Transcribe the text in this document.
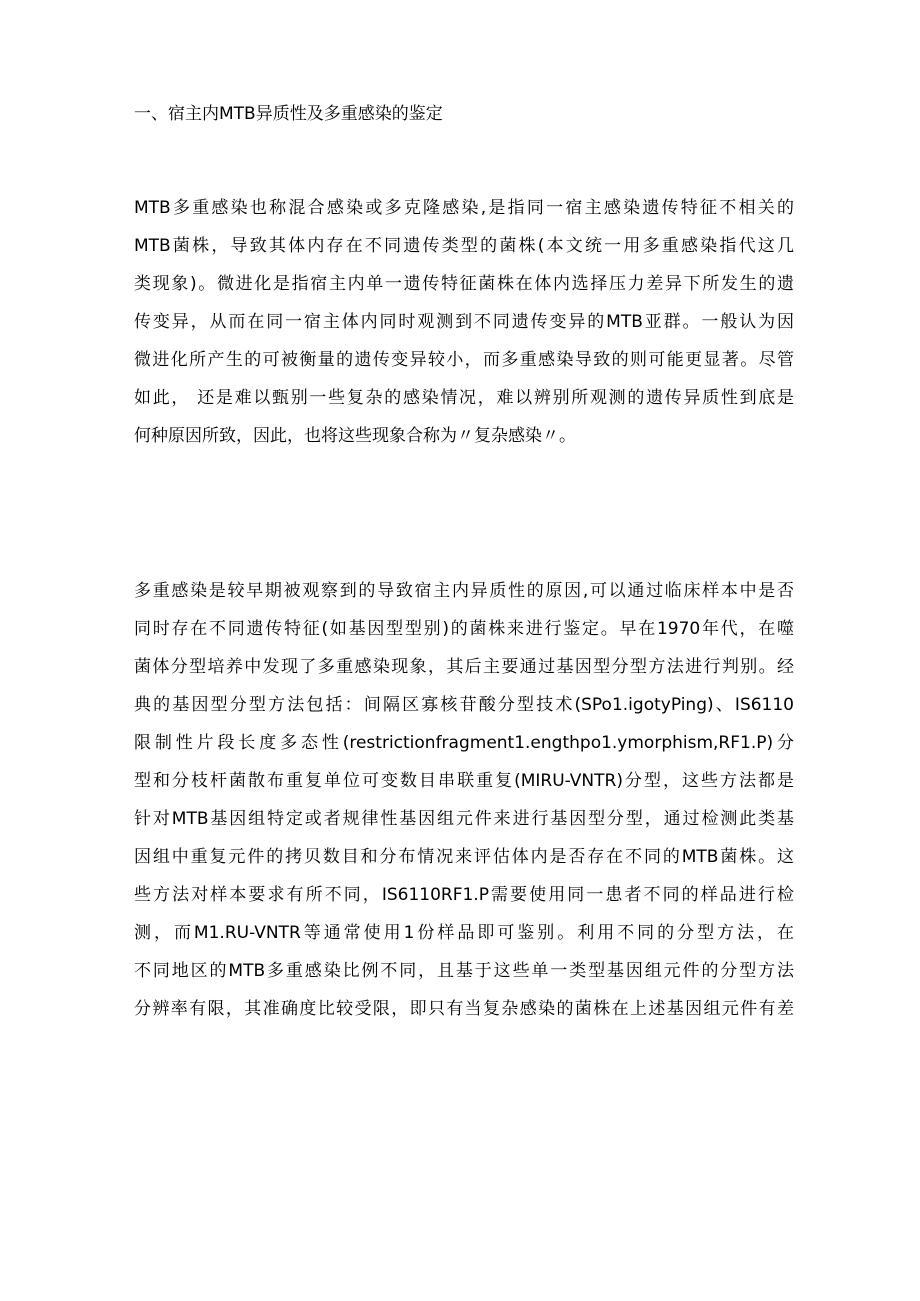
一、宿主内MTB异质性及多重感染的鉴定
MTB多重感染也称混合感染或多克隆感染,是指同一宿主感染遗传特征不相关的
MTB菌株，导致其体内存在不同遗传类型的菌株(本文统一用多重感染指代这几
类现象)。微进化是指宿主内单一遗传特征菌株在体内选择压力差异下所发生的遗
传变异，从而在同一宿主体内同时观测到不同遗传变异的MTB亚群。一般认为因
微进化所产生的可被衡量的遗传变异较小，而多重感染导致的则可能更显著。尽管
如此， 还是难以甄别一些复杂的感染情况，难以辨别所观测的遗传异质性到底是
何种原因所致，因此，也将这些现象合称为〃复杂感染〃。
多重感染是较早期被观察到的导致宿主内异质性的原因,可以通过临床样本中是否
同时存在不同遗传特征(如基因型型别)的菌株来进行鉴定。早在1970年代，在噬
菌体分型培养中发现了多重感染现象，其后主要通过基因型分型方法进行判别。经
典的基因型分型方法包括：间隔区寡核苷酸分型技术(SPo1.igotyPing)、IS6110
限制性片段长度多态性(restrictionfragment1.engthpo1.ymorphism,RF1.P)分
型和分枝杆菌散布重复单位可变数目串联重复(MIRU-VNTR)分型，这些方法都是
针对MTB基因组特定或者规律性基因组元件来进行基因型分型，通过检测此类基
因组中重复元件的拷贝数目和分布情况来评估体内是否存在不同的MTB菌株。这
些方法对样本要求有所不同，IS6110RF1.P需要使用同一患者不同的样品进行检
测，而M1.RU-VNTR等通常使用1份样品即可鉴别。利用不同的分型方法，在
不同地区的MTB多重感染比例不同，且基于这些单一类型基因组元件的分型方法
分辨率有限，其准确度比较受限，即只有当复杂感染的菌株在上述基因组元件有差
